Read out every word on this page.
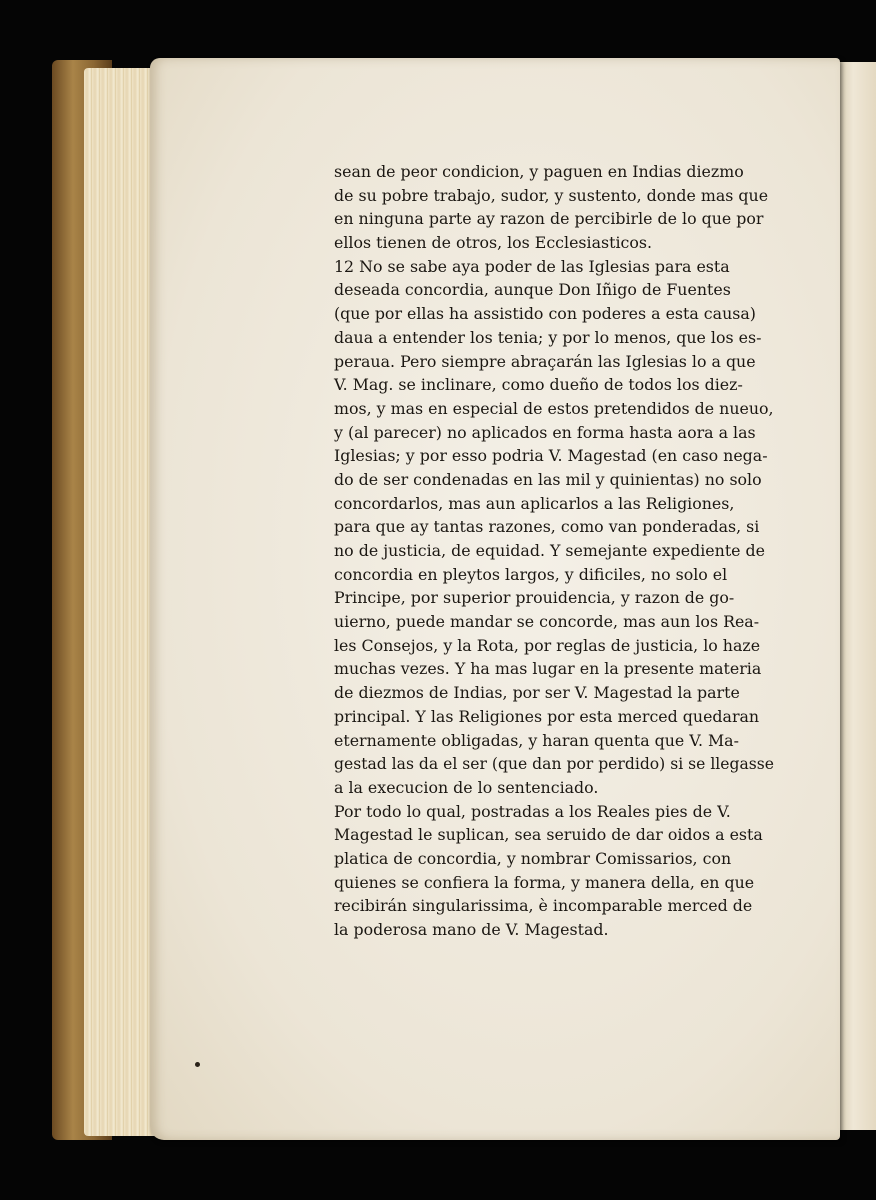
sean de peor condicion, y paguen en Indias diezmo
de su pobre trabajo, sudor, y sustento, donde mas que
en ninguna parte ay razon de percibirle de lo que por
ellos tienen de otros, los Ecclesiasticos.
12 No se sabe aya poder de las Iglesias para esta
deseada concordia, aunque Don Iñigo de Fuentes
(que por ellas ha assistido con poderes a esta causa)
daua a entender los tenia; y por lo menos, que los es-
peraua. Pero siempre abraçarán las Iglesias lo a que
V. Mag. se inclinare, como dueño de todos los diez-
mos, y mas en especial de estos pretendidos de nueuo,
y (al parecer) no aplicados en forma hasta aora a las
Iglesias; y por esso podria V. Magestad (en caso nega-
do de ser condenadas en las mil y quinientas) no solo
concordarlos, mas aun aplicarlos a las Religiones,
para que ay tantas razones, como van ponderadas, si
no de justicia, de equidad. Y semejante expediente de
concordia en pleytos largos, y dificiles, no solo el
Principe, por superior prouidencia, y razon de go-
uierno, puede mandar se concorde, mas aun los Rea-
les Consejos, y la Rota, por reglas de justicia, lo haze
muchas vezes. Y ha mas lugar en la presente materia
de diezmos de Indias, por ser V. Magestad la parte
principal. Y las Religiones por esta merced quedaran
eternamente obligadas, y haran quenta que V. Ma-
gestad las da el ser (que dan por perdido) si se llegasse
a la execucion de lo sentenciado.
Por todo lo qual, postradas a los Reales pies de V.
Magestad le suplican, sea seruido de dar oidos a esta
platica de concordia, y nombrar Comissarios, con
quienes se confiera la forma, y manera della, en que
recibirán singularissima, è incomparable merced de
la poderosa mano de V. Magestad.
